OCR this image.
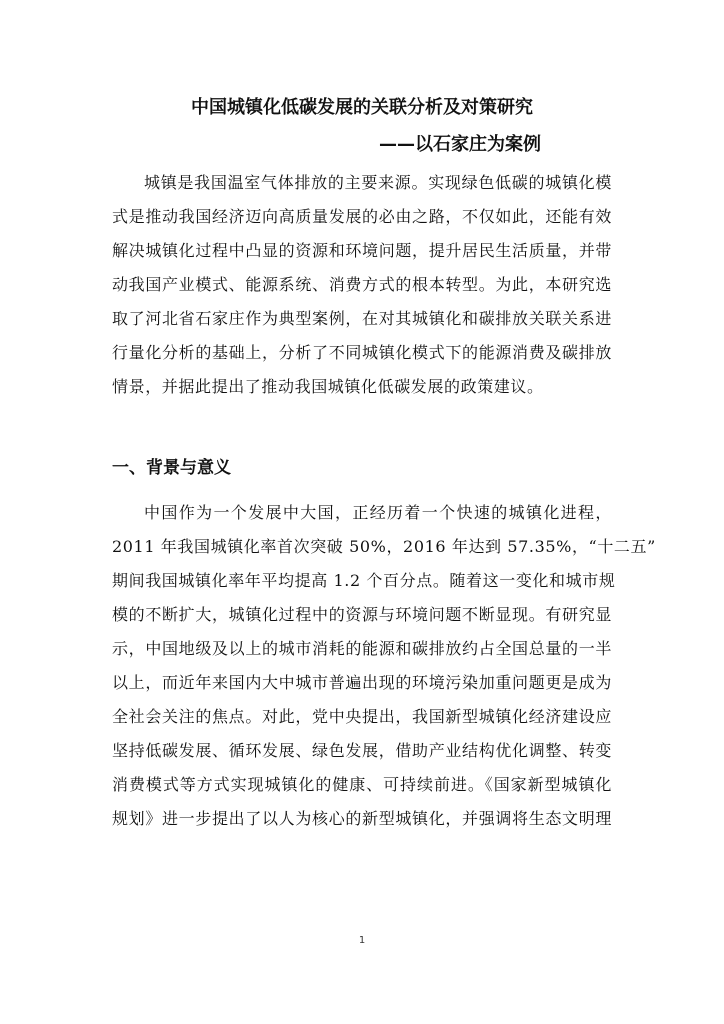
中国城镇化低碳发展的关联分析及对策研究
——以石家庄为案例

城镇是我国温室气体排放的主要来源。实现绿色低碳的城镇化模
式是推动我国经济迈向高质量发展的必由之路，不仅如此，还能有效
解决城镇化过程中凸显的资源和环境问题，提升居民生活质量，并带
动我国产业模式、能源系统、消费方式的根本转型。为此，本研究选
取了河北省石家庄作为典型案例，在对其城镇化和碳排放关联关系进
行量化分析的基础上，分析了不同城镇化模式下的能源消费及碳排放
情景，并据此提出了推动我国城镇化低碳发展的政策建议。

一、背景与意义

中国作为一个发展中大国，正经历着一个快速的城镇化进程，
2011 年我国城镇化率首次突破 50%，2016 年达到 57.35%，“十二五”
期间我国城镇化率年平均提高 1.2 个百分点。随着这一变化和城市规
模的不断扩大，城镇化过程中的资源与环境问题不断显现。有研究显
示，中国地级及以上的城市消耗的能源和碳排放约占全国总量的一半
以上，而近年来国内大中城市普遍出现的环境污染加重问题更是成为
全社会关注的焦点。对此，党中央提出，我国新型城镇化经济建设应
坚持低碳发展、循环发展、绿色发展，借助产业结构优化调整、转变
消费模式等方式实现城镇化的健康、可持续前进。《国家新型城镇化
规划》进一步提出了以人为核心的新型城镇化，并强调将生态文明理

1
